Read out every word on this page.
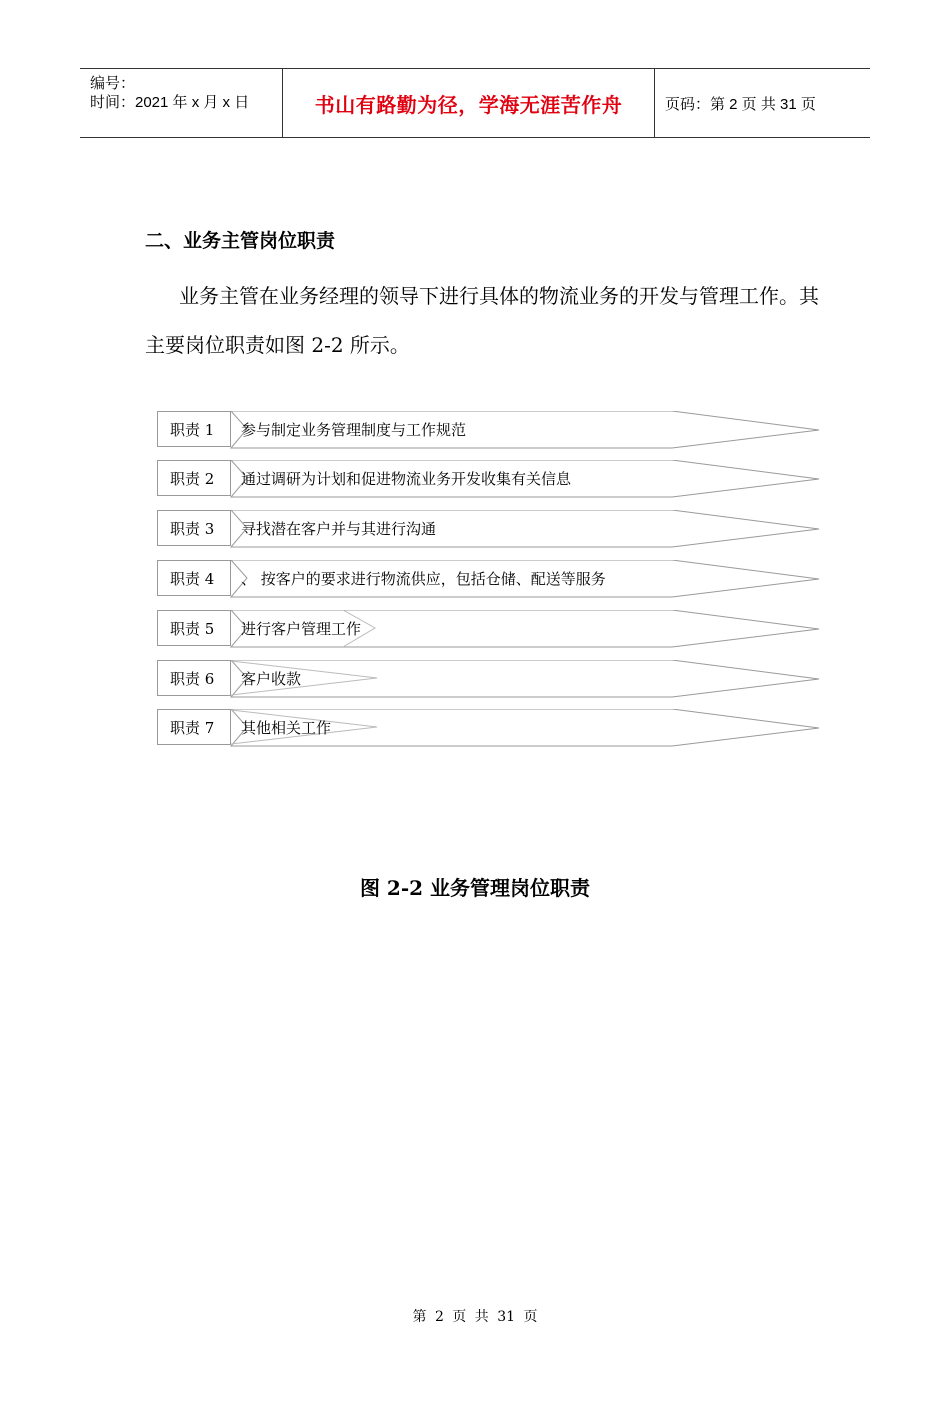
编号：
时间：2021 年 x 月 x 日	书山有路勤为径，学海无涯苦作舟	页码：第 2 页 共 31 页
二、业务主管岗位职责
业务主管在业务经理的领导下进行具体的物流业务的开发与管理工作。其主要岗位职责如图 2-2 所示。
职责 1	参与制定业务管理制度与工作规范
职责 2	通过调研为计划和促进物流业务开发收集有关信息
职责 3	寻找潜在客户并与其进行沟通
职责 4	、 按客户的要求进行物流供应，包括仓储、配送等服务
职责 5	进行客户管理工作
职责 6	客户收款
职责 7	其他相关工作
图 2-2 业务管理岗位职责
第 2 页 共 31 页
